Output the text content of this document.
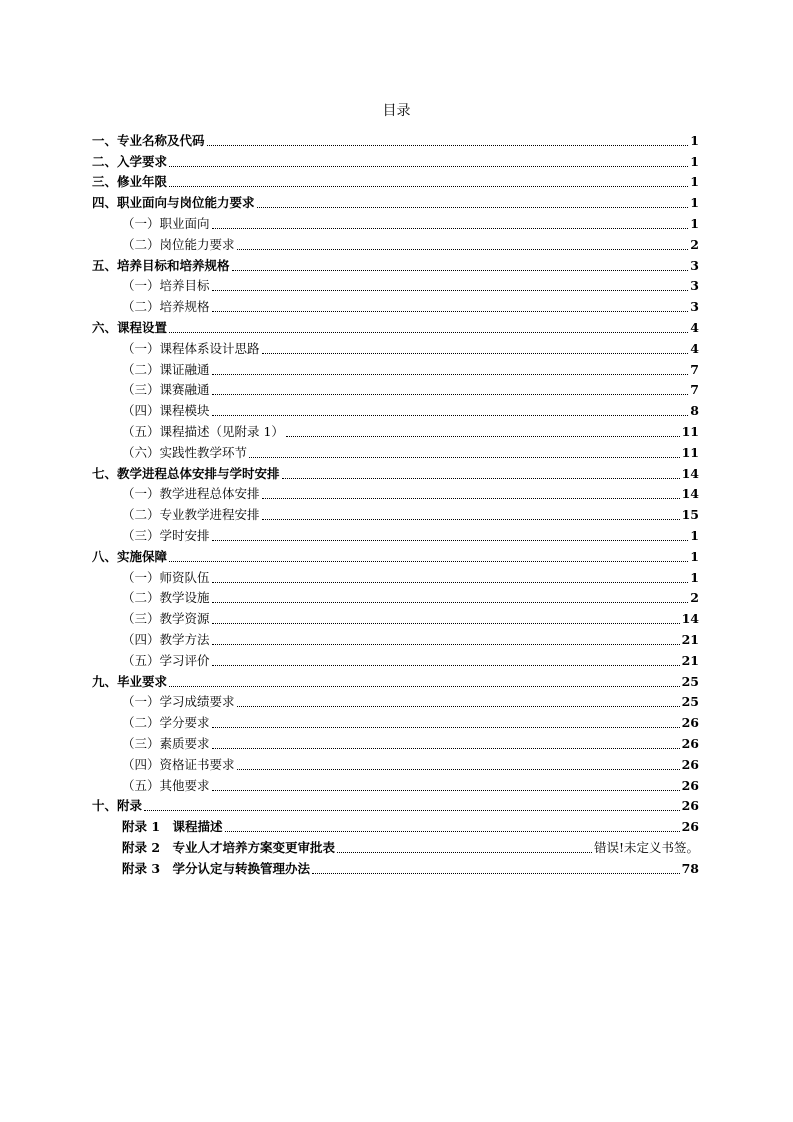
目录
一、专业名称及代码	1
二、入学要求	1
三、修业年限	1
四、职业面向与岗位能力要求	1
（一）职业面向	1
（二）岗位能力要求	2
五、培养目标和培养规格	3
（一）培养目标	3
（二）培养规格	3
六、课程设置	4
（一）课程体系设计思路	4
（二）课证融通	7
（三）课赛融通	7
（四）课程模块	8
（五）课程描述（见附录 1）	11
（六）实践性教学环节	11
七、教学进程总体安排与学时安排	14
（一）教学进程总体安排	14
（二）专业教学进程安排	15
（三）学时安排	1
八、实施保障	1
（一）师资队伍	1
（二）教学设施	2
（三）教学资源	14
（四）教学方法	21
（五）学习评价	21
九、毕业要求	25
（一）学习成绩要求	25
（二）学分要求	26
（三）素质要求	26
（四）资格证书要求	26
（五）其他要求	26
十、附录	26
附录 1　课程描述	26
附录 2　专业人才培养方案变更审批表	错误!未定义书签。
附录 3　学分认定与转换管理办法	78
